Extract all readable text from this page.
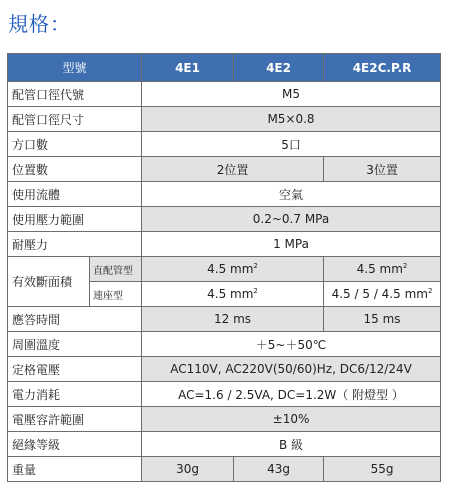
規格：
型號		4E1	4E2	4E2C.P.R
配管口徑代號		M5		
配管口徑尺寸		M5×0.8		
方口數		5口		
位置數		2位置		3位置
使用流體		空氣		
使用壓力範圍		0.2~0.7 MPa		
耐壓力		1 MPa		
有效斷面積	直配管型	4.5 $mm^2$		4.5 $mm^2$
	連座型	4.5 $mm^2$		4.5 / 5 / 4.5 $mm^2$
應答時間		12 ms		15 ms
周圍溫度		＋5~＋50℃		
定格電壓		AC110V, AC220V(50/60)Hz, DC6/12/24V		
電力消耗		AC=1.6 / 2.5VA, DC=1.2W（ 附燈型 ）		
電壓容許範圍		±10%		
絕緣等級		B 級		
重量		30g	43g	55g
